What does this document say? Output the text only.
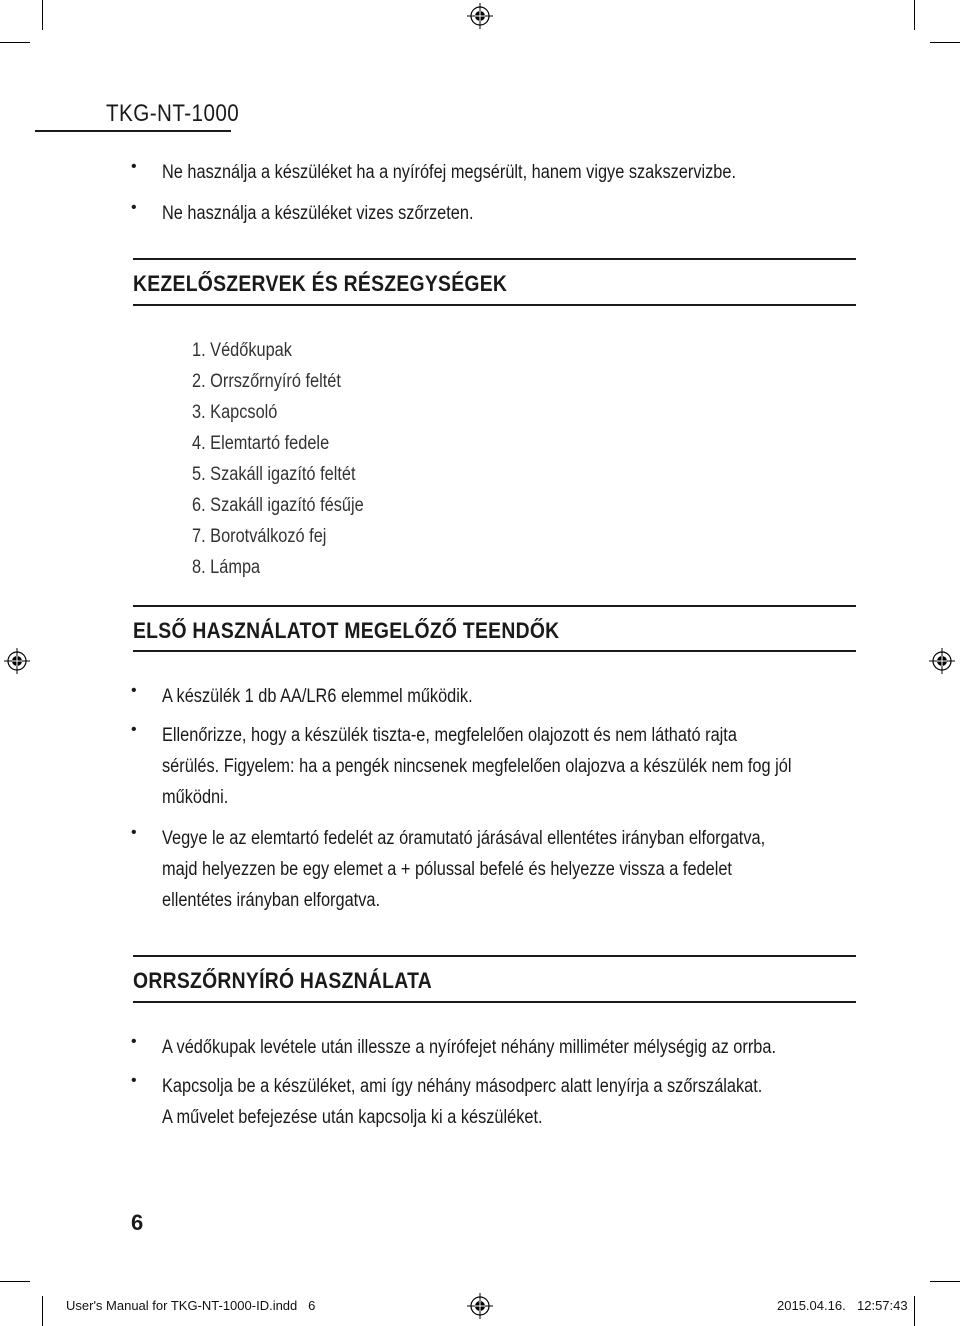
TKG-NT-1000
• Ne használja a készüléket ha a nyírófej megsérült, hanem vigye szakszervizbe.
• Ne használja a készüléket vizes szőrzeten.
KEZELŐSZERVEK ÉS RÉSZEGYSÉGEK
1. Védőkupak
2. Orrszőrnyíró feltét
3. Kapcsoló
4. Elemtartó fedele
5. Szakáll igazító feltét
6. Szakáll igazító fésűje
7. Borotválkozó fej
8. Lámpa
ELSŐ HASZNÁLATOT MEGELŐZŐ TEENDŐK
• A készülék 1 db AA/LR6 elemmel működik.
• Ellenőrizze, hogy a készülék tiszta-e, megfelelően olajozott és nem látható rajta
sérülés. Figyelem: ha a pengék nincsenek megfelelően olajozva a készülék nem fog jól
működni.
• Vegye le az elemtartó fedelét az óramutató járásával ellentétes irányban elforgatva,
majd helyezzen be egy elemet a + pólussal befelé és helyezze vissza a fedelet
ellentétes irányban elforgatva.
ORRSZŐRNYÍRÓ HASZNÁLATA
• A védőkupak levétele után illessze a nyírófejet néhány milliméter mélységig az orrba.
• Kapcsolja be a készüléket, ami így néhány másodperc alatt lenyírja a szőrszálakat.
A művelet befejezése után kapcsolja ki a készüléket.
6
User's Manual for TKG-NT-1000-ID.indd   6	2015.04.16. 12:57:43
